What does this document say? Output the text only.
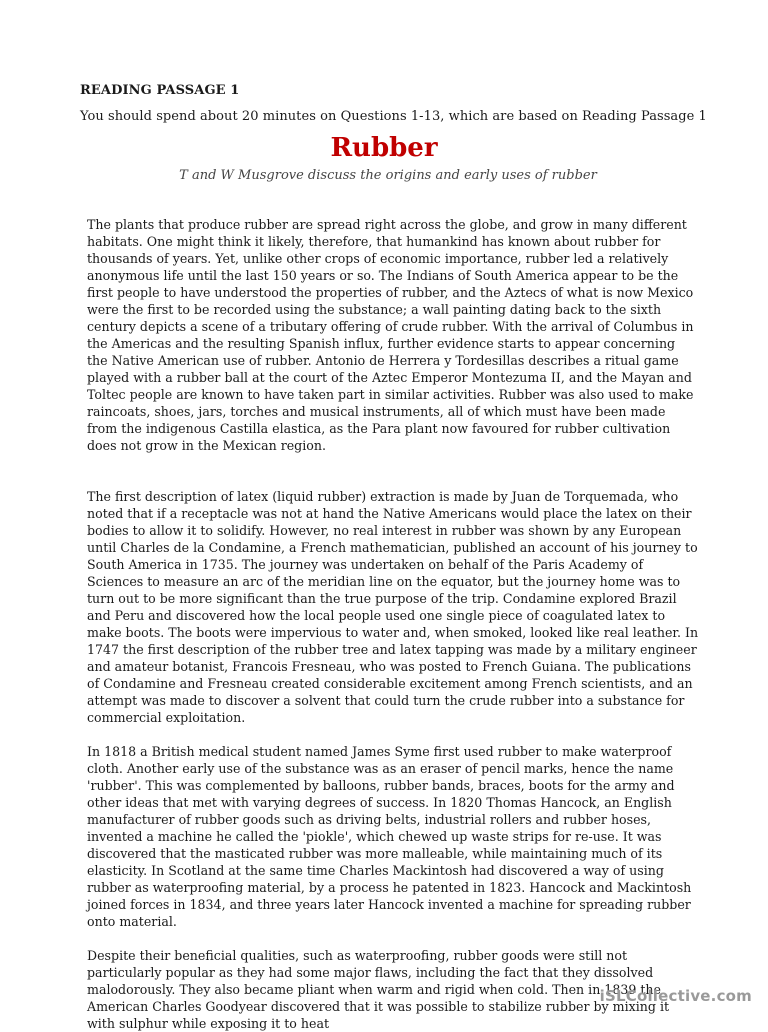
READING PASSAGE 1
You should spend about 20 minutes on Questions 1-13, which are based on Reading Passage 1
Rubber
T and W Musgrove discuss the origins and early uses of rubber

The plants that produce rubber are spread right across the globe, and grow in many different habitats. One might think it likely, therefore, that humankind has known about rubber for thousands of years. Yet, unlike other crops of economic importance, rubber led a relatively anonymous life until the last 150 years or so. The Indians of South America appear to be the first people to have understood the properties of rubber, and the Aztecs of what is now Mexico were the first to be recorded using the substance; a wall painting dating back to the sixth century depicts a scene of a tributary offering of crude rubber. With the arrival of Columbus in the Americas and the resulting Spanish influx, further evidence starts to appear concerning the Native American use of rubber. Antonio de Herrera y Tordesillas describes a ritual game played with a rubber ball at the court of the Aztec Emperor Montezuma II, and the Mayan and Toltec people are known to have taken part in similar activities. Rubber was also used to make raincoats, shoes, jars, torches and musical instruments, all of which must have been made from the indigenous Castilla elastica, as the Para plant now favoured for rubber cultivation does not grow in the Mexican region.

The first description of latex (liquid rubber) extraction is made by Juan de Torquemada, who noted that if a receptacle was not at hand the Native Americans would place the latex on their bodies to allow it to solidify. However, no real interest in rubber was shown by any European until Charles de la Condamine, a French mathematician, published an account of his journey to South America in 1735. The journey was undertaken on behalf of the Paris Academy of Sciences to measure an arc of the meridian line on the equator, but the journey home was to turn out to be more significant than the true purpose of the trip. Condamine explored Brazil and Peru and discovered how the local people used one single piece of coagulated latex to make boots. The boots were impervious to water and, when smoked, looked like real leather. In 1747 the first description of the rubber tree and latex tapping was made by a military engineer and amateur botanist, Francois Fresneau, who was posted to French Guiana. The publications of Condamine and Fresneau created considerable excitement among French scientists, and an attempt was made to discover a solvent that could turn the crude rubber into a substance for commercial exploitation.

In 1818 a British medical student named James Syme first used rubber to make waterproof cloth. Another early use of the substance was as an eraser of pencil marks, hence the name 'rubber'. This was complemented by balloons, rubber bands, braces, boots for the army and other ideas that met with varying degrees of success. In 1820 Thomas Hancock, an English manufacturer of rubber goods such as driving belts, industrial rollers and rubber hoses, invented a machine he called the 'piokle', which chewed up waste strips for re-use. It was discovered that the masticated rubber was more malleable, while maintaining much of its elasticity. In Scotland at the same time Charles Mackintosh had discovered a way of using rubber as waterproofing material, by a process he patented in 1823. Hancock and Mackintosh joined forces in 1834, and three years later Hancock invented a machine for spreading rubber onto material.

Despite their beneficial qualities, such as waterproofing, rubber goods were still not particularly popular as they had some major flaws, including the fact that they dissolved malodorously. They also became pliant when warm and rigid when cold. Then in 1839 the American Charles Goodyear discovered that it was possible to stabilize rubber by mixing it with sulphur while exposing it to heat

iSLCollective.com
